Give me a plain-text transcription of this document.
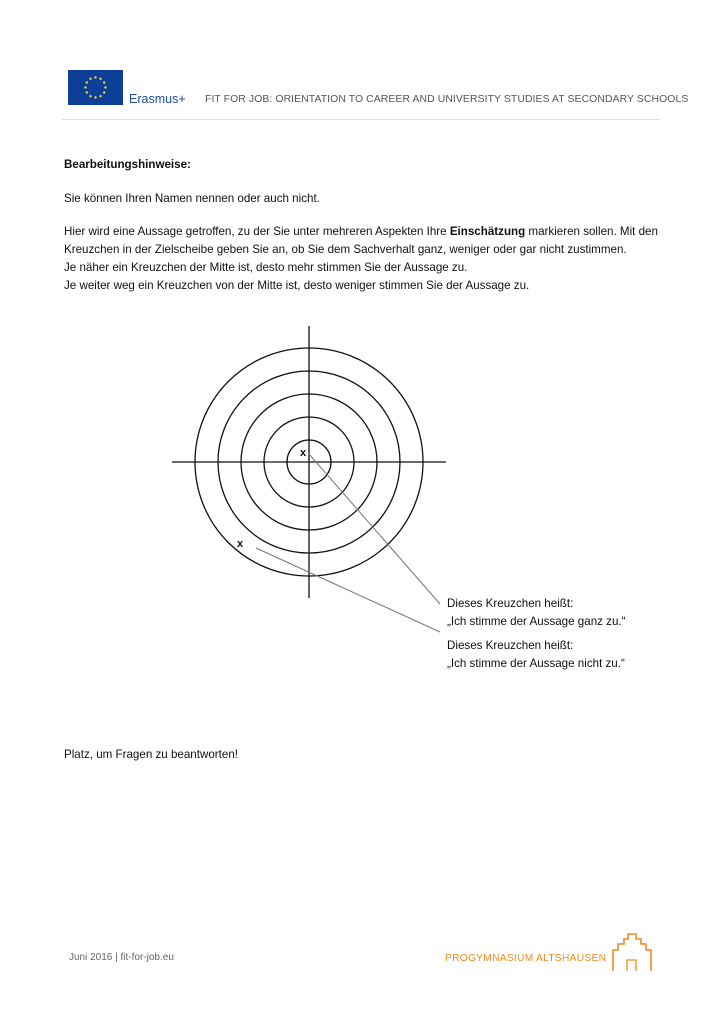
Erasmus+ FIT FOR JOB: ORIENTATION TO CAREER AND UNIVERSITY STUDIES AT SECONDARY SCHOOLS
Bearbeitungshinweise:
Sie können Ihren Namen nennen oder auch nicht.
Hier wird eine Aussage getroffen, zu der Sie unter mehreren Aspekten Ihre Einschätzung markieren sollen. Mit den Kreuzchen in der Zielscheibe geben Sie an, ob Sie dem Sachverhalt ganz, weniger oder gar nicht zustimmen.
Je näher ein Kreuzchen der Mitte ist, desto mehr stimmen Sie der Aussage zu.
Je weiter weg ein Kreuzchen von der Mitte ist, desto weniger stimmen Sie der Aussage zu.
x
x
Dieses Kreuzchen heißt:
„Ich stimme der Aussage ganz zu.“
Dieses Kreuzchen heißt:
„Ich stimme der Aussage nicht zu.“
Platz, um Fragen zu beantworten!
Juni 2016 | fit-for-job.eu	PROGYMNASIUM ALTSHAUSEN
